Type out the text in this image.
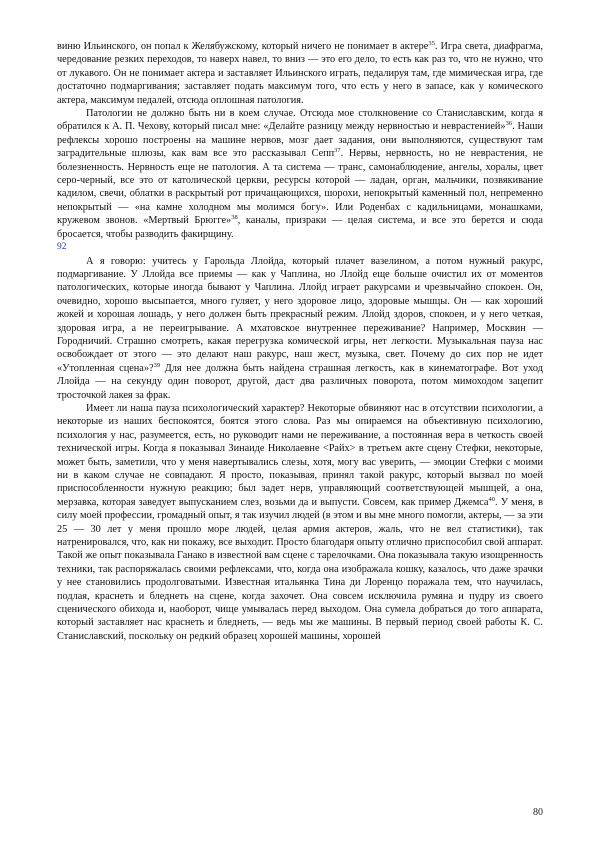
виню Ильинского, он попал к Желябужскому, который ничего не понимает в актере$^{35}$. Игра света, диафрагма, чередование резких переходов, то наверх навел, то вниз — это его дело, то есть как раз то, что не нужно, что от лукавого. Он не понимает актера и заставляет Ильинского играть, педалируя там, где мимическая игра, где достаточно подмаргивания; заставляет подать максимум того, что есть у него в запасе, как у комического актера, максимум педалей, отсюда оплошная патология.

Патологии не должно быть ни в коем случае. Отсюда мое столкновение со Станиславским, когда я обратился к А. П. Чехову, который писал мне: «Делайте разницу между нервностью и неврастенией»$^{36}$. Наши рефлексы хорошо построены на машине нервов, мозг дает задания, они выполняются, существуют там заградительные шлюзы, как вам все это рассказывал Сепп$^{37}$. Нервы, нервность, но не неврастения, не болезненность. Нервность еще не патология. А та система — транс, самонаблюдение, ангелы, хоралы, цвет серо-черный, все это от католической церкви, ресурсы которой — ладан, орган, мальчики, позвякивание кадилом, свечи, облатки в раскрытый рот причащающихся, шорохи, непокрытый каменный пол, непременно непокрытый — «на камне холодном мы молимся богу». Или Роденбах с кадильницами, монашками, кружевом звонов. «Мертвый Брюгге»$^{38}$, каналы, призраки — целая система, и все это берется и сюда бросается, чтобы разводить факирщину.

92

А я говорю: учитесь у Гарольда Ллойда, который плачет вазелином, а потом нужный ракурс, подмаргивание. У Ллойда все приемы — как у Чаплина, но Ллойд еще больше очистил их от моментов патологических, которые иногда бывают у Чаплина. Ллойд играет ракурсами и чрезвычайно спокоен. Он, очевидно, хорошо высыпается, много гуляет, у него здоровое лицо, здоровые мышцы. Он — как хороший жокей и хорошая лошадь, у него должен быть прекрасный режим. Ллойд здоров, спокоен, и у него четкая, здоровая игра, а не переигрывание. А мхатовское внутреннее переживание? Например, Москвин — Городничий. Страшно смотреть, какая перегрузка комической игры, нет легкости. Музыкальная пауза нас освобождает от этого — это делают наш ракурс, наш жест, музыка, свет. Почему до сих пор не идет «Утопленная сцена»?$^{39}$ Для нее должна быть найдена страшная легкость, как в кинематографе. Вот уход Ллойда — на секунду один поворот, другой, даст два различных поворота, потом мимоходом зацепит тросточкой лакея за фрак.

Имеет ли наша пауза психологический характер? Некоторые обвиняют нас в отсутствии психологии, а некоторые из наших беспокоятся, боятся этого слова. Раз мы опираемся на объективную психологию, психология у нас, разумеется, есть, но руководит нами не переживание, а постоянная вера в четкость своей технической игры. Когда я показывал Зинаиде Николаевне <Райх> в третьем акте сцену Стефки, некоторые, может быть, заметили, что у меня навертывались слезы, хотя, могу вас уверить, — эмоции Стефки с моими ни в каком случае не совпадают. Я просто, показывая, принял такой ракурс, который вызвал по моей приспособленности нужную реакцию; был задет нерв, управляющий соответствующей мышцей, а она, мерзавка, которая заведует выпусканием слез, возьми да и выпусти. Совсем, как пример Джемса$^{40}$. У меня, в силу моей профессии, громадный опыт, я так изучил людей (в этом и вы мне много помогли, актеры, — за эти 25 — 30 лет у меня прошло море людей, целая армия актеров, жаль, что не вел статистики), так натренировался, что, как ни покажу, все выходит. Просто благодаря опыту отлично приспособил свой аппарат. Такой же опыт показывала Ганако в известной вам сцене с тарелочками. Она показывала такую изощренность техники, так распоряжалась своими рефлексами, что, когда она изображала кошку, казалось, что даже зрачки у нее становились продолговатыми. Известная итальянка Тина ди Лоренцо поражала тем, что научилась, подлая, краснеть и бледнеть на сцене, когда захочет. Она совсем исключила румяна и пудру из своего сценического обихода и, наоборот, чище умывалась перед выходом. Она сумела добраться до того аппарата, который заставляет нас краснеть и бледнеть, — ведь мы же машины. В первый период своей работы К. С. Станиславский, поскольку он редкий образец хорошей машины, хорошей

80
